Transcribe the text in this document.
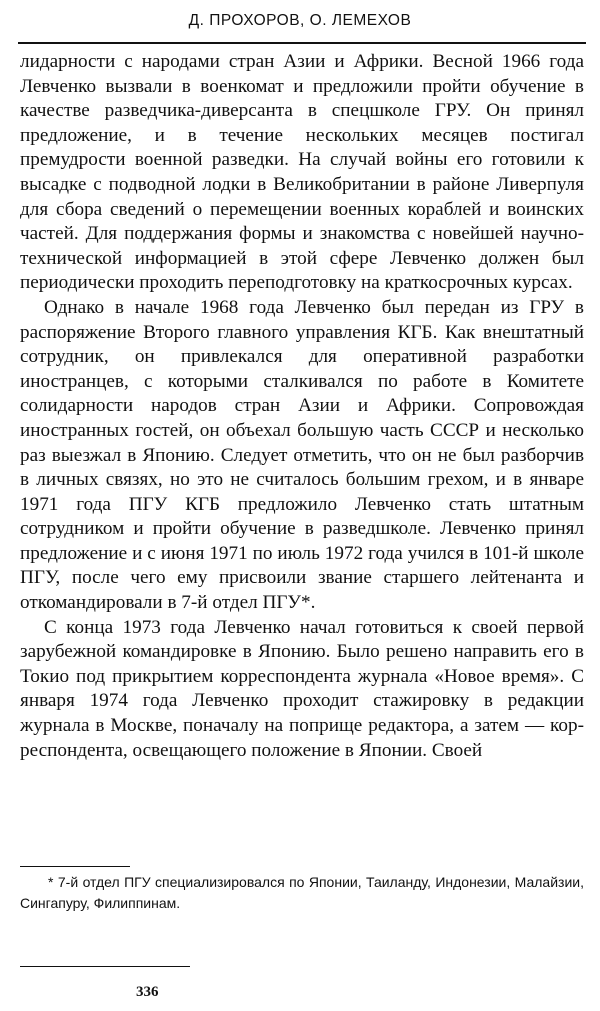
Д. ПРОХОРОВ, О. ЛЕМЕХОВ

лидарности с народами стран Азии и Африки. Весной 1966 года Левченко вызвали в военкомат и предложили пройти обучение в качестве разведчика-диверсанта в спецшколе ГРУ. Он принял предложение, и в течение нескольких месяцев постигал премудрости военной разведки. На случай войны его готовили к высадке с подводной лодки в Великобритании в районе Ливерпуля для сбора сведений о перемещении военных кораблей и воинских частей. Для поддержания формы и знакомства с новейшей научно-технической информацией в этой сфере Левченко должен был периодически проходить переподготовку на краткосрочных курсах.

Однако в начале 1968 года Левченко был передан из ГРУ в распоряжение Второго главного управления КГБ. Как внештатный сотрудник, он привлекался для оперативной разработки иностранцев, с которыми сталкивался по работе в Комитете солидарности народов стран Азии и Африки. Сопровождая иностранных гостей, он объехал большую часть СССР и несколько раз выезжал в Японию. Следует отметить, что он не был разборчив в личных связях, но это не считалось большим грехом, и в январе 1971 года ПГУ КГБ предложило Левченко стать штатным сотрудником и пройти обучение в разведшколе. Левченко принял предложение и с июня 1971 по июль 1972 года учился в 101-й школе ПГУ, после чего ему присвоили звание старшего лейтенанта и откомандировали в 7-й отдел ПГУ*.

С конца 1973 года Левченко начал готовиться к своей первой зарубежной командировке в Японию. Было решено направить его в Токио под прикрытием корреспондента журнала «Новое время». С января 1974 года Левченко проходит стажировку в редакции журнала в Москве, поначалу на поприще редактора, а затем — корреспондента, освещающего положение в Японии. Своей

* 7-й отдел ПГУ специализировался по Японии, Таиланду, Индонезии, Малайзии, Сингапуру, Филиппинам.

336
